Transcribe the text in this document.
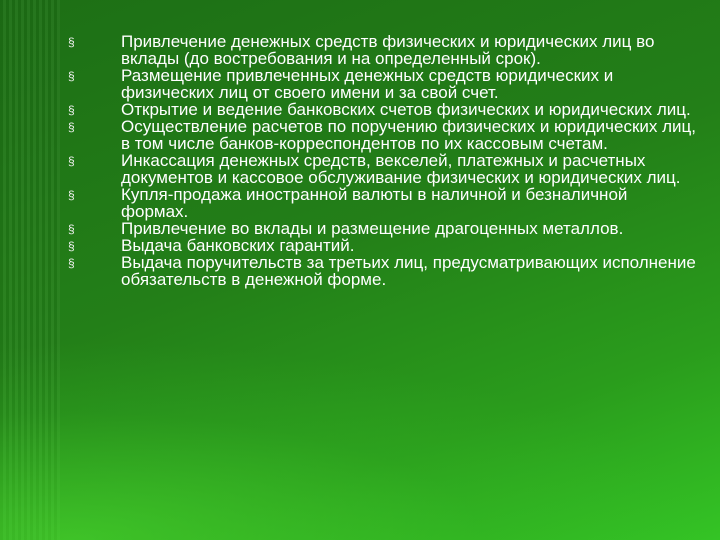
§	Привлечение денежных средств физических и юридических лиц во вклады (до востребования и на определенный срок).
§	Размещение привлеченных денежных средств юридических и физических лиц от своего имени и за свой счет.
§	Открытие и ведение банковских счетов физических и юридических лиц.
§	Осуществление расчетов по поручению физических и юридических лиц, в том числе банков-корреспондентов по их кассовым счетам.
§	Инкассация денежных средств, векселей, платежных и расчетных документов и кассовое обслуживание физических и юридических лиц.
§	Купля-продажа иностранной валюты в наличной и безналичной формах.
§	Привлечение во вклады и размещение драгоценных металлов.
§	Выдача банковских гарантий.
§	Выдача поручительств за третьих лиц, предусматривающих исполнение обязательств в денежной форме.
